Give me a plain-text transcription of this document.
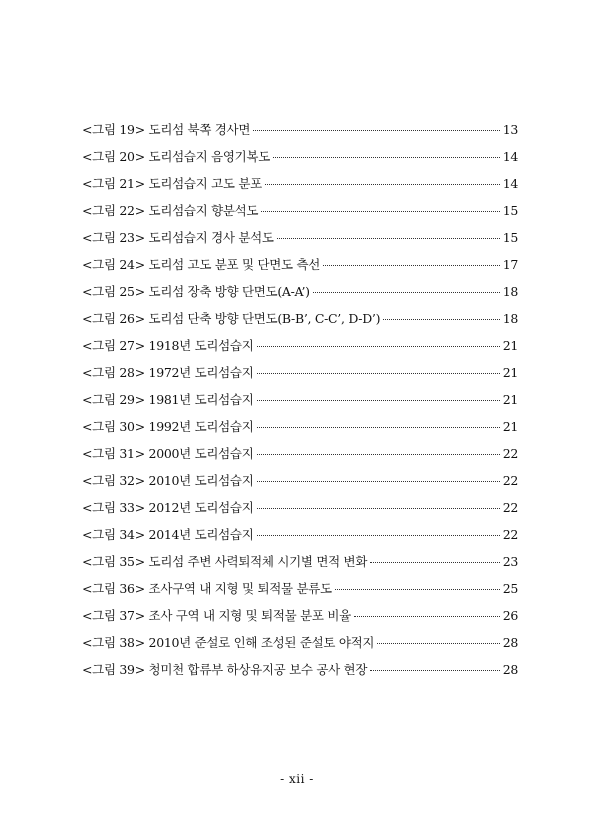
<그림 19> 도리섬 북쪽 경사면	13
<그림 20> 도리섬습지 음영기복도	14
<그림 21> 도리섬습지 고도 분포	14
<그림 22> 도리섬습지 향분석도	15
<그림 23> 도리섬습지 경사 분석도	15
<그림 24> 도리섬 고도 분포 및 단면도 측선	17
<그림 25> 도리섬 장축 방향 단면도(A-A’)	18
<그림 26> 도리섬 단축 방향 단면도(B-B’, C-C’, D-D’)	18
<그림 27> 1918년 도리섬습지	21
<그림 28> 1972년 도리섬습지	21
<그림 29> 1981년 도리섬습지	21
<그림 30> 1992년 도리섬습지	21
<그림 31> 2000년 도리섬습지	22
<그림 32> 2010년 도리섬습지	22
<그림 33> 2012년 도리섬습지	22
<그림 34> 2014년 도리섬습지	22
<그림 35> 도리섬 주변 사력퇴적체 시기별 면적 변화	23
<그림 36> 조사구역 내 지형 및 퇴적물 분류도	25
<그림 37> 조사 구역 내 지형 및 퇴적물 분포 비율	26
<그림 38> 2010년 준설로 인해 조성된 준설토 야적지	28
<그림 39> 청미천 합류부 하상유지공 보수 공사 현장	28
- xii -
